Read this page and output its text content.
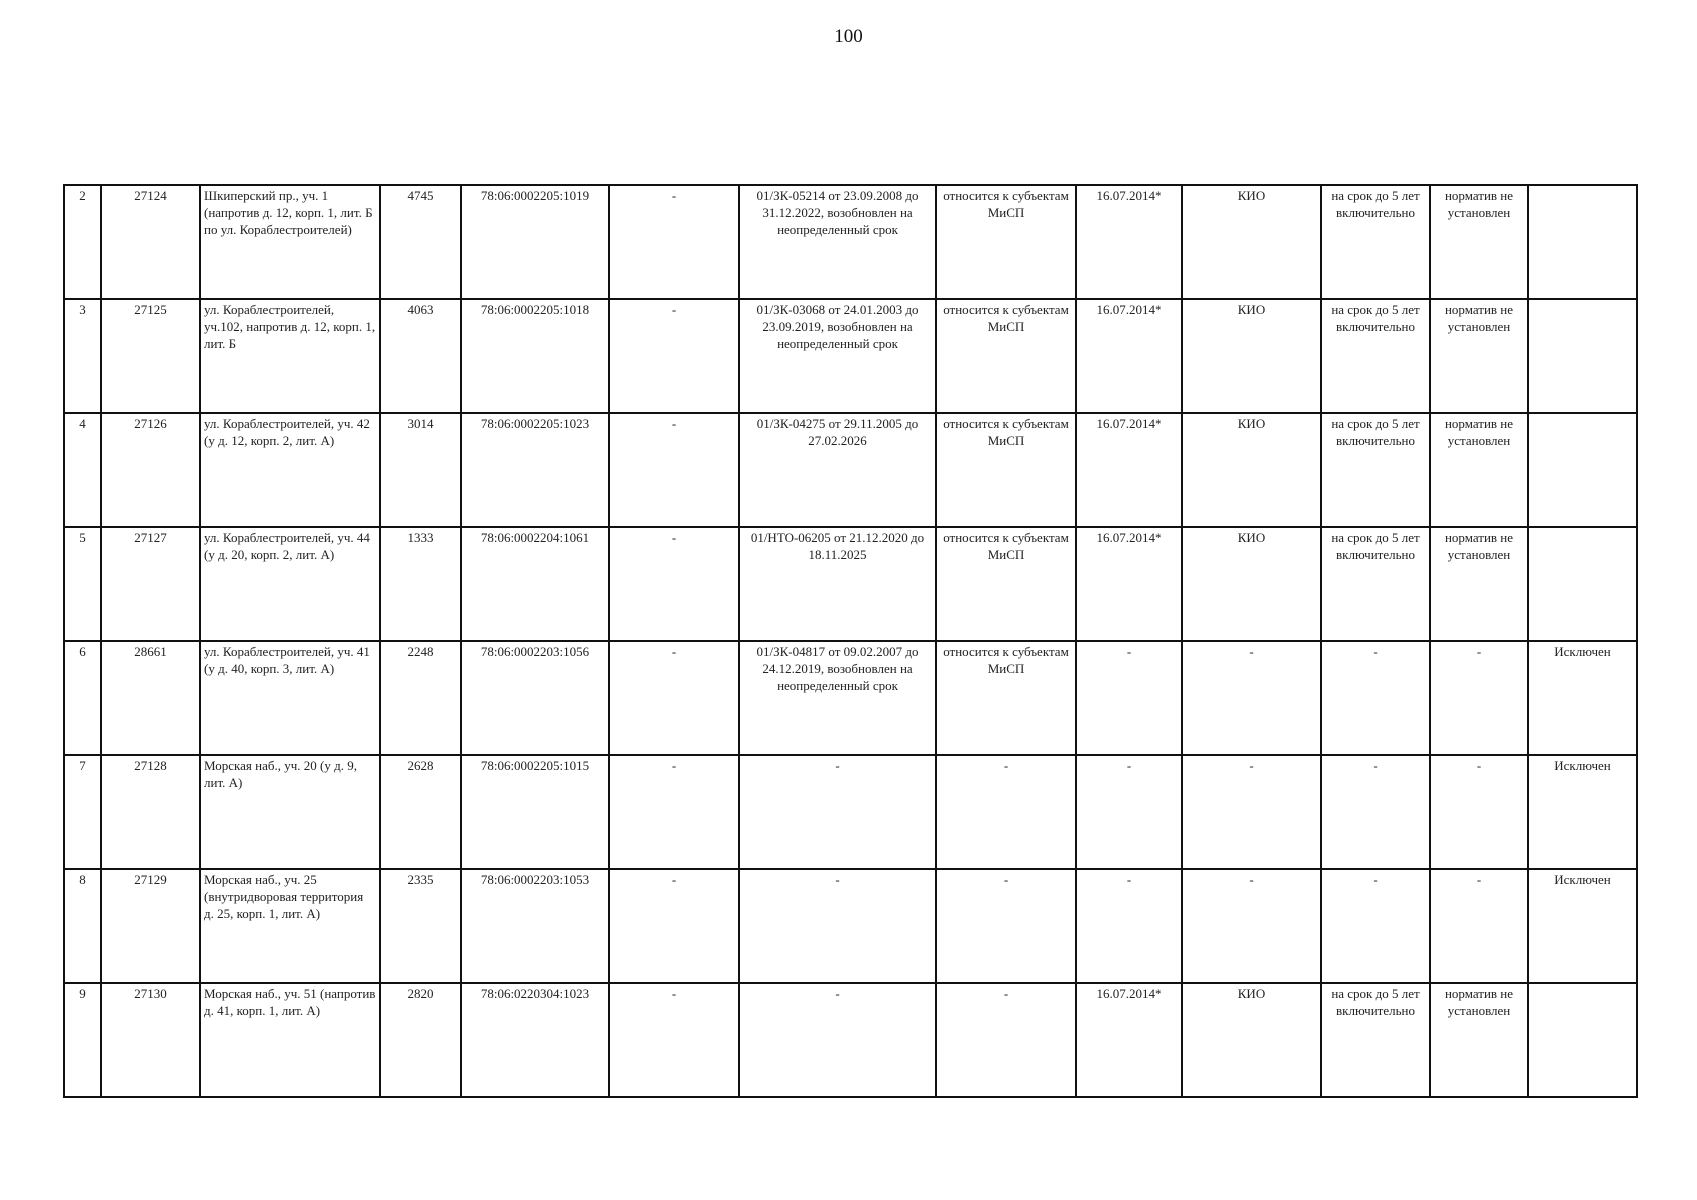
100
2	27124	Шкиперский пр., уч. 1 (напротив д. 12, корп. 1, лит. Б по ул. Кораблестроителей)	4745	78:06:0002205:1019	-	01/ЗК-05214 от 23.09.2008 до 31.12.2022, возобновлен на неопределенный срок	относится к субъектам МиСП	16.07.2014*	КИО	на срок до 5 лет включительно	норматив не установлен	
3	27125	ул. Кораблестроителей, уч.102, напротив д. 12, корп. 1, лит. Б	4063	78:06:0002205:1018	-	01/ЗК-03068 от 24.01.2003 до 23.09.2019, возобновлен на неопределенный срок	относится к субъектам МиСП	16.07.2014*	КИО	на срок до 5 лет включительно	норматив не установлен	
4	27126	ул. Кораблестроителей, уч. 42 (у д. 12, корп. 2, лит. А)	3014	78:06:0002205:1023	-	01/ЗК-04275 от 29.11.2005 до 27.02.2026	относится к субъектам МиСП	16.07.2014*	КИО	на срок до 5 лет включительно	норматив не установлен	
5	27127	ул. Кораблестроителей, уч. 44 (у д. 20, корп. 2, лит. А)	1333	78:06:0002204:1061	-	01/НТО-06205 от 21.12.2020 до 18.11.2025	относится к субъектам МиСП	16.07.2014*	КИО	на срок до 5 лет включительно	норматив не установлен	
6	28661	ул. Кораблестроителей, уч. 41 (у д. 40, корп. 3, лит. А)	2248	78:06:0002203:1056	-	01/ЗК-04817 от 09.02.2007 до 24.12.2019, возобновлен на неопределенный срок	относится к субъектам МиСП	-	-	-	-	Исключен
7	27128	Морская наб., уч. 20 (у д. 9, лит. А)	2628	78:06:0002205:1015	-	-	-	-	-	-	-	Исключен
8	27129	Морская наб., уч. 25 (внутридворовая территория д. 25, корп. 1, лит. А)	2335	78:06:0002203:1053	-	-	-	-	-	-	-	Исключен
9	27130	Морская наб., уч. 51 (напротив д. 41, корп. 1, лит. А)	2820	78:06:0220304:1023	-	-	-	16.07.2014*	КИО	на срок до 5 лет включительно	норматив не установлен	
